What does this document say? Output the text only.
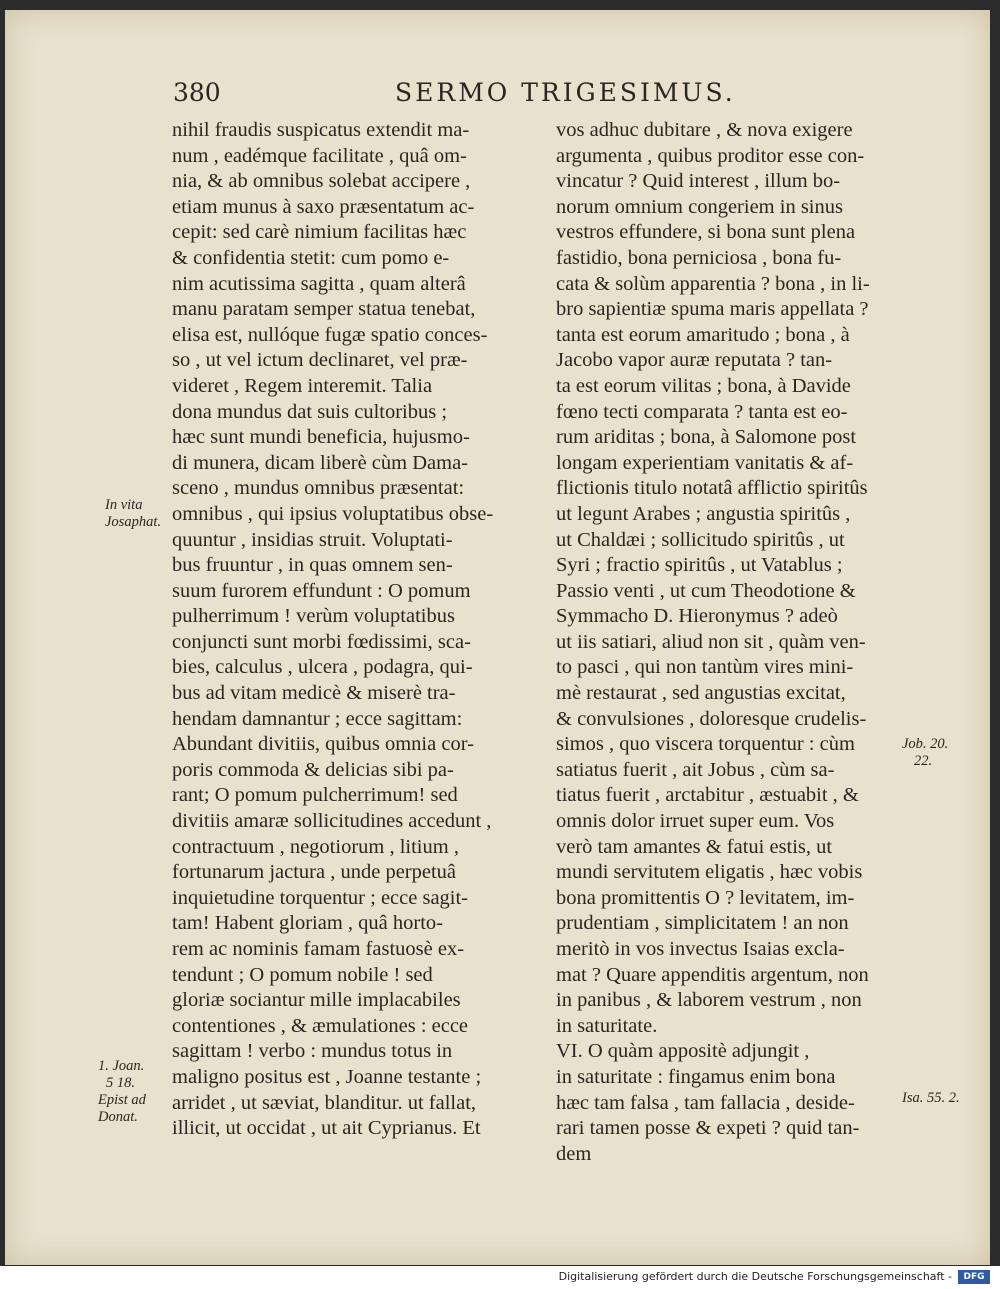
380	SERMO TRIGESIMUS.
nihil fraudis suspicatus extendit ma-
num , eadémque facilitate , quâ om-
nia, & ab omnibus solebat accipere ,
etiam munus à saxo præsentatum ac-
cepit: sed carè nimium facilitas hæc
& confidentia stetit: cum pomo e-
nim acutissima sagitta , quam alterâ
manu paratam semper statua tenebat,
elisa est, nullóque fugæ spatio conces-
so , ut vel ictum declinaret, vel præ-
videret , Regem interemit. Talia
dona mundus dat suis cultoribus ;
hæc sunt mundi beneficia, hujusmo-
di munera, dicam liberè cùm Dama-
sceno , mundus omnibus præsentat:
omnibus , qui ipsius voluptatibus obse-
quuntur , insidias struit. Voluptati-
bus fruuntur , in quas omnem sen-
suum furorem effundunt : O pomum
pulherrimum ! verùm voluptatibus
conjuncti sunt morbi fœdissimi, sca-
bies, calculus , ulcera , podagra, qui-
bus ad vitam medicè & miserè tra-
hendam damnantur ; ecce sagittam:
Abundant divitiis, quibus omnia cor-
poris commoda & delicias sibi pa-
rant; O pomum pulcherrimum! sed
divitiis amaræ sollicitudines accedunt ,
contractuum , negotiorum , litium ,
fortunarum jactura , unde perpetuâ
inquietudine torquentur ; ecce sagit-
tam! Habent gloriam , quâ horto-
rem ac nominis famam fastuosè ex-
tendunt ; O pomum nobile ! sed
gloriæ sociantur mille implacabiles
contentiones , & æmulationes : ecce
sagittam ! verbo : mundus totus in
maligno positus est , Joanne testante ;
arridet , ut sæviat, blanditur. ut fallat,
illicit, ut occidat , ut ait Cyprianus. Et
vos adhuc dubitare , & nova exigere
argumenta , quibus proditor esse con-
vincatur ? Quid interest , illum bo-
norum omnium congeriem in sinus
vestros effundere, si bona sunt plena
fastidio, bona perniciosa , bona fu-
cata & solùm apparentia ? bona , in li-
bro sapientiæ spuma maris appellata ?
tanta est eorum amaritudo ; bona , à
Jacobo vapor auræ reputata ? tan-
ta est eorum vilitas ; bona, à Davide
fœno tecti comparata ? tanta est eo-
rum ariditas ; bona, à Salomone post
longam experientiam vanitatis & af-
flictionis titulo notatâ afflictio spiritûs
ut legunt Arabes ; angustia spiritûs ,
ut Chaldæi ; sollicitudo spiritûs , ut
Syri ; fractio spiritûs , ut Vatablus ;
Passio venti , ut cum Theodotione &
Symmacho D. Hieronymus ? adeò
ut iis satiari, aliud non sit , quàm ven-
to pasci , qui non tantùm vires mini-
mè restaurat , sed angustias excitat,
& convulsiones , doloresque crudelis-
simos , quo viscera torquentur : cùm
satiatus fuerit , ait Jobus , cùm sa-
tiatus fuerit , arctabitur , æstuabit , &
omnis dolor irruet super eum. Vos
verò tam amantes & fatui estis, ut
mundi servitutem eligatis , hæc vobis
bona promittentis O ? levitatem, im-
prudentiam , simplicitatem ! an non
meritò in vos invectus Isaias excla-
mat ? Quare appenditis argentum, non
in panibus , & laborem vestrum , non
in saturitate.
VI. O quàm appositè adjungit ,
in saturitate : fingamus enim bona
hæc tam falsa , tam fallacia , deside-
rari tamen posse & expeti ? quid tan-
dem
In vita
Josaphat.
Job. 20.
22.
1. Joan.
5 18.
Epist ad
Donat.
Isa. 55. 2.
Digitalisierung gefördert durch die Deutsche Forschungsgemeinschaft -	DFG
